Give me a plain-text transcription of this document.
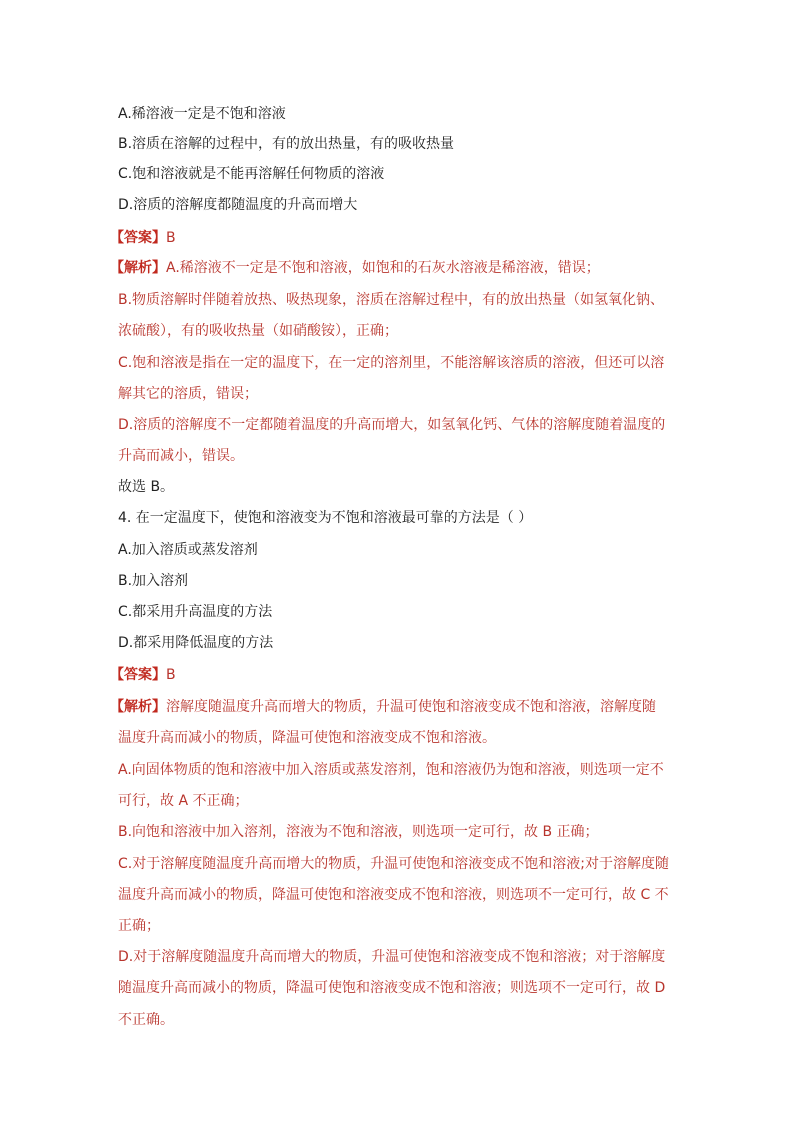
A.稀溶液一定是不饱和溶液
B.溶质在溶解的过程中，有的放出热量，有的吸收热量
C.饱和溶液就是不能再溶解任何物质的溶液
D.溶质的溶解度都随温度的升高而增大
【答案】B
【解析】A.稀溶液不一定是不饱和溶液，如饱和的石灰水溶液是稀溶液，错误；
B.物质溶解时伴随着放热、吸热现象，溶质在溶解过程中，有的放出热量（如氢氧化钠、
浓硫酸），有的吸收热量（如硝酸铵），正确；
C.饱和溶液是指在一定的温度下，在一定的溶剂里，不能溶解该溶质的溶液，但还可以溶
解其它的溶质，错误；
D.溶质的溶解度不一定都随着温度的升高而增大，如氢氧化钙、气体的溶解度随着温度的
升高而减小，错误。
故选 B。
4. 在一定温度下，使饱和溶液变为不饱和溶液最可靠的方法是（ ）
A.加入溶质或蒸发溶剂
B.加入溶剂
C.都采用升高温度的方法
D.都采用降低温度的方法
【答案】B
【解析】溶解度随温度升高而增大的物质，升温可使饱和溶液变成不饱和溶液，溶解度随
温度升高而减小的物质，降温可使饱和溶液变成不饱和溶液。
A.向固体物质的饱和溶液中加入溶质或蒸发溶剂，饱和溶液仍为饱和溶液，则选项一定不
可行，故 A 不正确；
B.向饱和溶液中加入溶剂，溶液为不饱和溶液，则选项一定可行，故 B 正确；
C.对于溶解度随温度升高而增大的物质，升温可使饱和溶液变成不饱和溶液;对于溶解度随
温度升高而减小的物质，降温可使饱和溶液变成不饱和溶液，则选项不一定可行，故 C 不
正确；
D.对于溶解度随温度升高而增大的物质，升温可使饱和溶液变成不饱和溶液；对于溶解度
随温度升高而减小的物质，降温可使饱和溶液变成不饱和溶液；则选项不一定可行，故 D
不正确。
